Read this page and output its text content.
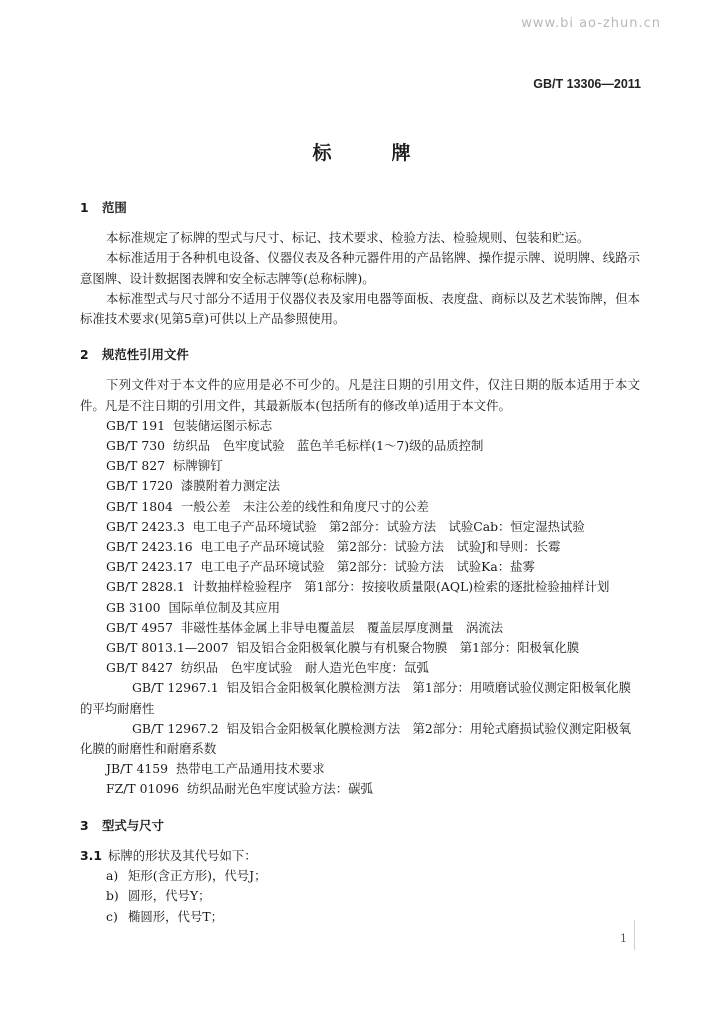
www.bi ao-zhun.cn
GB/T 13306—2011
标	牌

1 范围

本标准规定了标牌的型式与尺寸、标记、技术要求、检验方法、检验规则、包装和贮运。

本标准适用于各种机电设备、仪器仪表及各种元器件用的产品铭牌、操作提示牌、说明牌、线路示意图牌、设计数据图表牌和安全标志牌等(总称标牌)。

本标准型式与尺寸部分不适用于仪器仪表及家用电器等面板、表度盘、商标以及艺术装饰牌，但本标准技术要求(见第5章)可供以上产品参照使用。

2 规范性引用文件

下列文件对于本文件的应用是必不可少的。凡是注日期的引用文件，仅注日期的版本适用于本文件。凡是不注日期的引用文件，其最新版本(包括所有的修改单)适用于本文件。

GB/T 191 包装储运图示标志

GB/T 730 纺织品　色牢度试验　蓝色羊毛标样(1～7)级的品质控制

GB/T 827 标牌铆钉

GB/T 1720 漆膜附着力测定法

GB/T 1804 一般公差　未注公差的线性和角度尺寸的公差

GB/T 2423.3 电工电子产品环境试验　第2部分：试验方法　试验Cab：恒定湿热试验

GB/T 2423.16 电工电子产品环境试验　第2部分：试验方法　试验J和导则：长霉

GB/T 2423.17 电工电子产品环境试验　第2部分：试验方法　试验Ka：盐雾

GB/T 2828.1 计数抽样检验程序　第1部分：按接收质量限(AQL)检索的逐批检验抽样计划

GB 3100 国际单位制及其应用

GB/T 4957 非磁性基体金属上非导电覆盖层　覆盖层厚度测量　涡流法

GB/T 8013.1—2007 铝及铝合金阳极氧化膜与有机聚合物膜　第1部分：阳极氧化膜

GB/T 8427 纺织品　色牢度试验　耐人造光色牢度：氙弧

GB/T 12967.1 铝及铝合金阳极氧化膜检测方法　第1部分：用喷磨试验仪测定阳极氧化膜的平均耐磨性

GB/T 12967.2 铝及铝合金阳极氧化膜检测方法　第2部分：用轮式磨损试验仪测定阳极氧化膜的耐磨性和耐磨系数

JB/T 4159 热带电工产品通用技术要求

FZ/T 01096 纺织品耐光色牢度试验方法：碳弧

3 型式与尺寸

3.1 标牌的形状及其代号如下：

a) 矩形(含正方形)，代号J；

b) 圆形，代号Y；

c) 椭圆形，代号T；

1
